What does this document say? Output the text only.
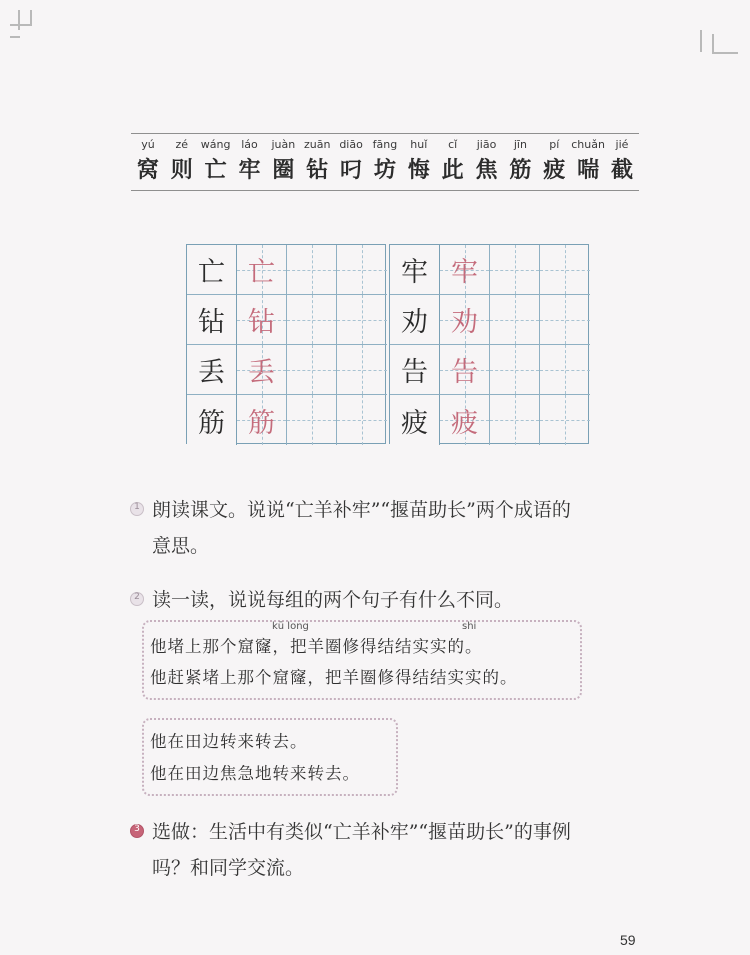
yú	zé	wáng láo	juàn zuān diāo fāng	huǐ	cǐ	jiāo	jīn	pí	chuǎn jié
窝 则 亡 牢 圈 钻 叼 坊 悔 此 焦 筋 疲 喘 截
亡 亡
钻 钻
丢 丢
筋 筋
牢 牢
劝 劝
告 告
疲 疲
1 朗读课文。说说“亡羊补牢”“揠苗助长”两个成语的
意思。
2 读一读，说说每组的两个句子有什么不同。
kū long	shi
他堵上那个窟窿，把羊圈修得结结实实的。
他赶紧堵上那个窟窿，把羊圈修得结结实实的。
他在田边转来转去。
他在田边焦急地转来转去。
3 选做：生活中有类似“亡羊补牢”“揠苗助长”的事例
吗？和同学交流。
59
